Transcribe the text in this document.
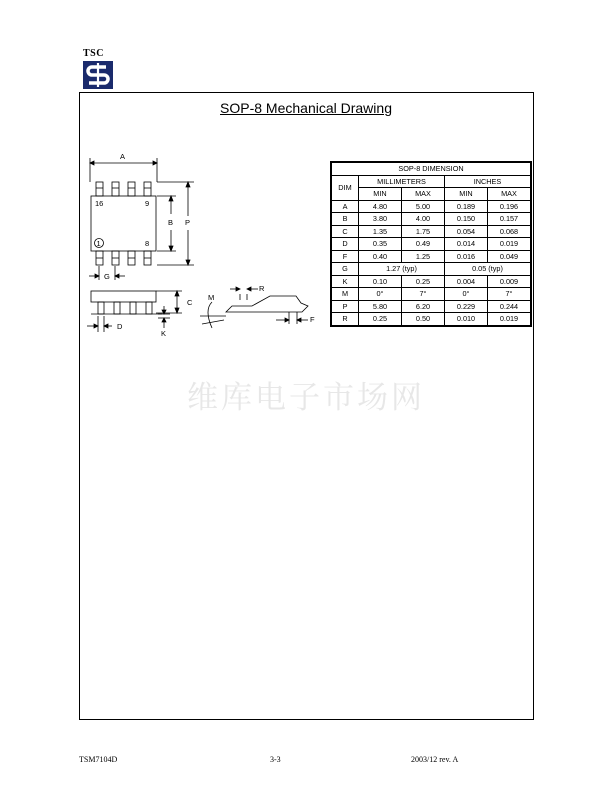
TSC
SOP-8 Mechanical Drawing
A
16	9
1	8
B P
G
C
K
D
R
M
F
SOP-8 DIMENSION				
DIM	MILLIMETERS		INCHES	
	MIN	MAX	MIN	MAX
A	4.80	5.00	0.189	0.196
B	3.80	4.00	0.150	0.157
C	1.35	1.75	0.054	0.068
D	0.35	0.49	0.014	0.019
F	0.40	1.25	0.016	0.049
G	1.27 (typ)		0.05 (typ)	
K	0.10	0.25	0.004	0.009
M	0°	7°	0°	7°
P	5.80	6.20	0.229	0.244
R	0.25	0.50	0.010	0.019
维库电子市场网
TSM7104D	3-3	2003/12 rev. A
